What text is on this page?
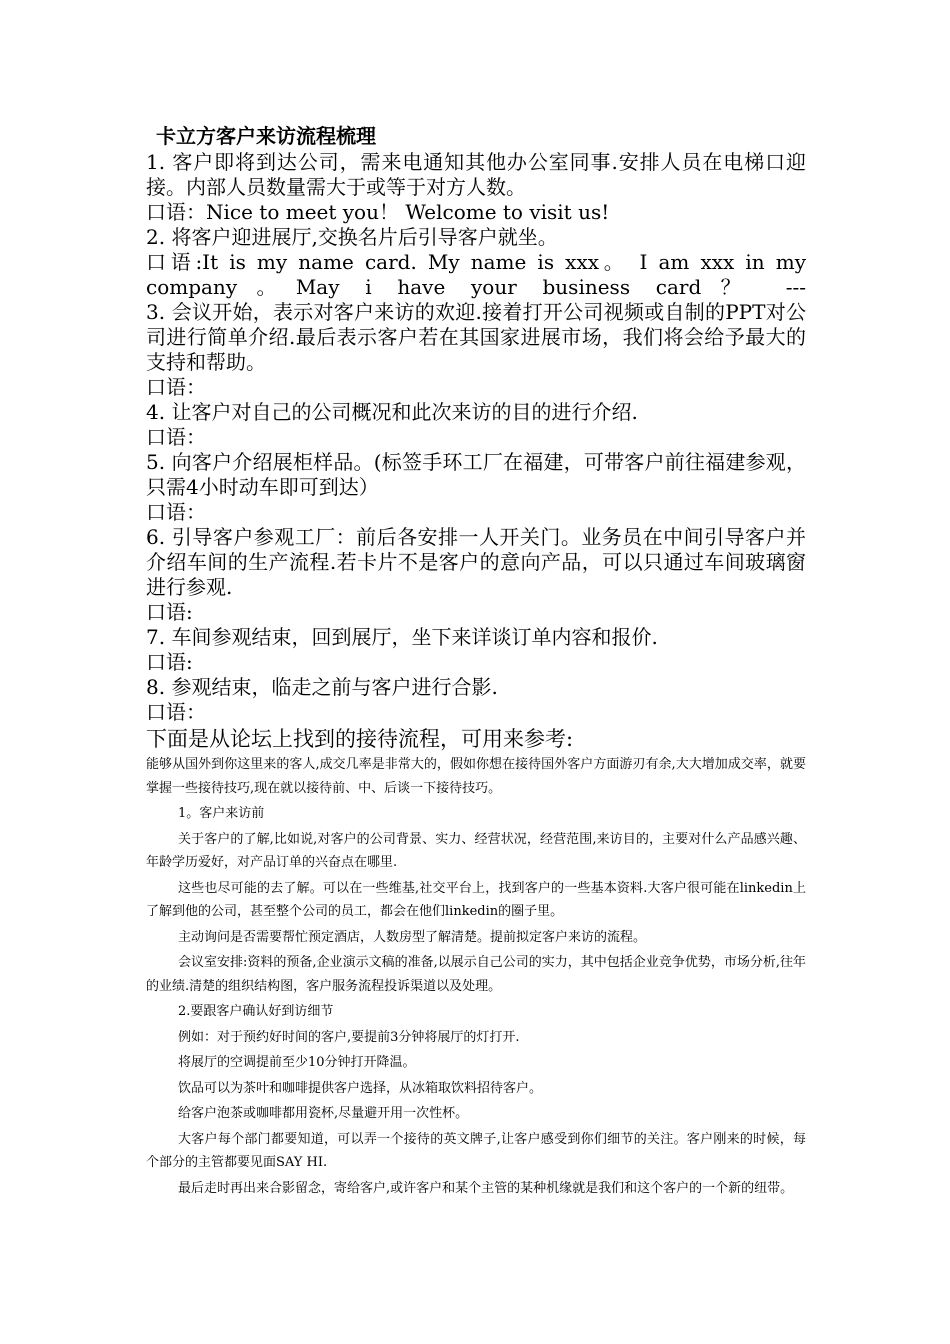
卡立方客户来访流程梳理

1. 客户即将到达公司，需来电通知其他办公室同事.安排人员在电梯口迎接。内部人员数量需大于或等于对方人数。

口语：Nice to meet you！ Welcome to visit us!

2. 将客户迎进展厅,交换名片后引导客户就坐。

口语:It is my name card. My name is xxx。 I am xxx in my company。May i have your business card？ ---

3. 会议开始，表示对客户来访的欢迎.接着打开公司视频或自制的PPT对公司进行简单介绍.最后表示客户若在其国家进展市场，我们将会给予最大的支持和帮助。

口语：

4. 让客户对自己的公司概况和此次来访的目的进行介绍.

口语：

5. 向客户介绍展柜样品。(标签手环工厂在福建，可带客户前往福建参观，只需4小时动车即可到达）

口语：

6. 引导客户参观工厂：前后各安排一人开关门。业务员在中间引导客户并介绍车间的生产流程.若卡片不是客户的意向产品，可以只通过车间玻璃窗进行参观.

口语:

7. 车间参观结束，回到展厅，坐下来详谈订单内容和报价.

口语:

8. 参观结束，临走之前与客户进行合影.

口语：

下面是从论坛上找到的接待流程，可用来参考:

能够从国外到你这里来的客人,成交几率是非常大的，假如你想在接待国外客户方面游刃有余,大大增加成交率，就要掌握一些接待技巧,现在就以接待前、中、后谈一下接待技巧。

1。客户来访前

关于客户的了解,比如说,对客户的公司背景、实力、经营状况，经营范围,来访目的，主要对什么产品感兴趣、年龄学历爱好，对产品订单的兴奋点在哪里.

这些也尽可能的去了解。可以在一些维基,社交平台上，找到客户的一些基本资料.大客户很可能在linkedin上了解到他的公司，甚至整个公司的员工，都会在他们linkedin的圈子里。

主动询问是否需要帮忙预定酒店，人数房型了解清楚。提前拟定客户来访的流程。

会议室安排:资料的预备,企业演示文稿的准备,以展示自己公司的实力，其中包括企业竞争优势，市场分析,往年的业绩.清楚的组织结构图，客户服务流程投诉渠道以及处理。

2.要跟客户确认好到访细节

例如：对于预约好时间的客户,要提前3分钟将展厅的灯打开.

将展厅的空调提前至少10分钟打开降温。

饮品可以为茶叶和咖啡提供客户选择，从冰箱取饮料招待客户。

给客户泡茶或咖啡都用瓷杯,尽量避开用一次性杯。

大客户每个部门都要知道，可以弄一个接待的英文牌子,让客户感受到你们细节的关注。客户刚来的时候，每个部分的主管都要见面SAY HI.

最后走时再出来合影留念，寄给客户,或许客户和某个主管的某种机缘就是我们和这个客户的一个新的纽带。
